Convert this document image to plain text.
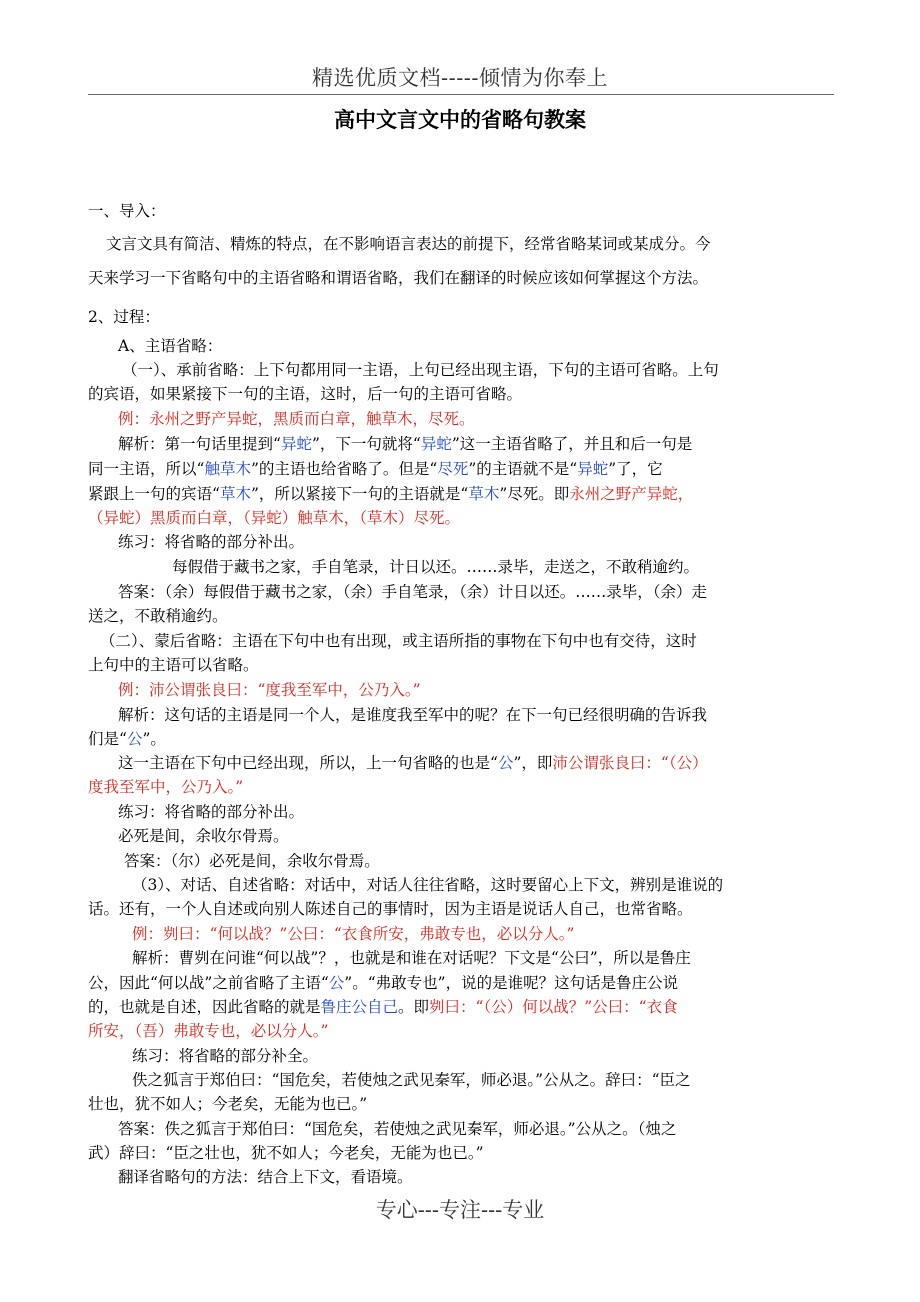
精选优质文档-----倾情为你奉上
高中文言文中的省略句教案
一、导入：
文言文具有简洁、精炼的特点，在不影响语言表达的前提下，经常省略某词或某成分。今
天来学习一下省略句中的主语省略和谓语省略，我们在翻译的时候应该如何掌握这个方法。
2、过程：
A、主语省略：
（一）、承前省略：上下句都用同一主语，上句已经出现主语，下句的主语可省略。上句
的宾语，如果紧接下一句的主语，这时，后一句的主语可省略。
例：永州之野产异蛇，黑质而白章，触草木，尽死。
解析：第一句话里提到“异蛇”，下一句就将“异蛇”这一主语省略了，并且和后一句是
同一主语，所以“触草木”的主语也给省略了。但是“尽死”的主语就不是“异蛇”了，它
紧跟上一句的宾语“草木”，所以紧接下一句的主语就是“草木”尽死。即永州之野产异蛇，
（异蛇）黑质而白章，（异蛇）触草木，（草木）尽死。
练习：将省略的部分补出。
每假借于藏书之家，手自笔录，计日以还。……录毕，走送之，不敢稍逾约。
答案：（余）每假借于藏书之家，（余）手自笔录，（余）计日以还。……录毕，（余）走
送之，不敢稍逾约。
（二）、蒙后省略：主语在下句中也有出现，或主语所指的事物在下句中也有交待，这时
上句中的主语可以省略。
例：沛公谓张良曰：“度我至军中，公乃入。”
解析：这句话的主语是同一个人，是谁度我至军中的呢？在下一句已经很明确的告诉我
们是“公”。
这一主语在下句中已经出现，所以，上一句省略的也是“公”，即沛公谓张良曰：“（公）
度我至军中，公乃入。”
练习：将省略的部分补出。
必死是间，余收尔骨焉。
答案：（尔）必死是间，余收尔骨焉。
（3）、对话、自述省略：对话中，对话人往往省略，这时要留心上下文，辨别是谁说的
话。还有，一个人自述或向别人陈述自己的事情时，因为主语是说话人自己，也常省略。
例：刿曰：“何以战？”公曰：“衣食所安，弗敢专也，必以分人。”
解析：曹刿在问谁“何以战”？，也就是和谁在对话呢？下文是“公曰”，所以是鲁庄
公，因此“何以战”之前省略了主语“公”。“弗敢专也”，说的是谁呢？这句话是鲁庄公说
的，也就是自述，因此省略的就是鲁庄公自己。即刿曰：“（公）何以战？”公曰：“衣食
所安，（吾）弗敢专也，必以分人。”
练习：将省略的部分补全。
佚之狐言于郑伯曰：“国危矣，若使烛之武见秦军，师必退。”公从之。辞曰：“臣之
壮也，犹不如人；今老矣，无能为也已。”
答案：佚之狐言于郑伯曰：“国危矣，若使烛之武见秦军，师必退。”公从之。（烛之
武）辞曰：“臣之壮也，犹不如人；今老矣，无能为也已。”
翻译省略句的方法：结合上下文，看语境。
专心---专注---专业
